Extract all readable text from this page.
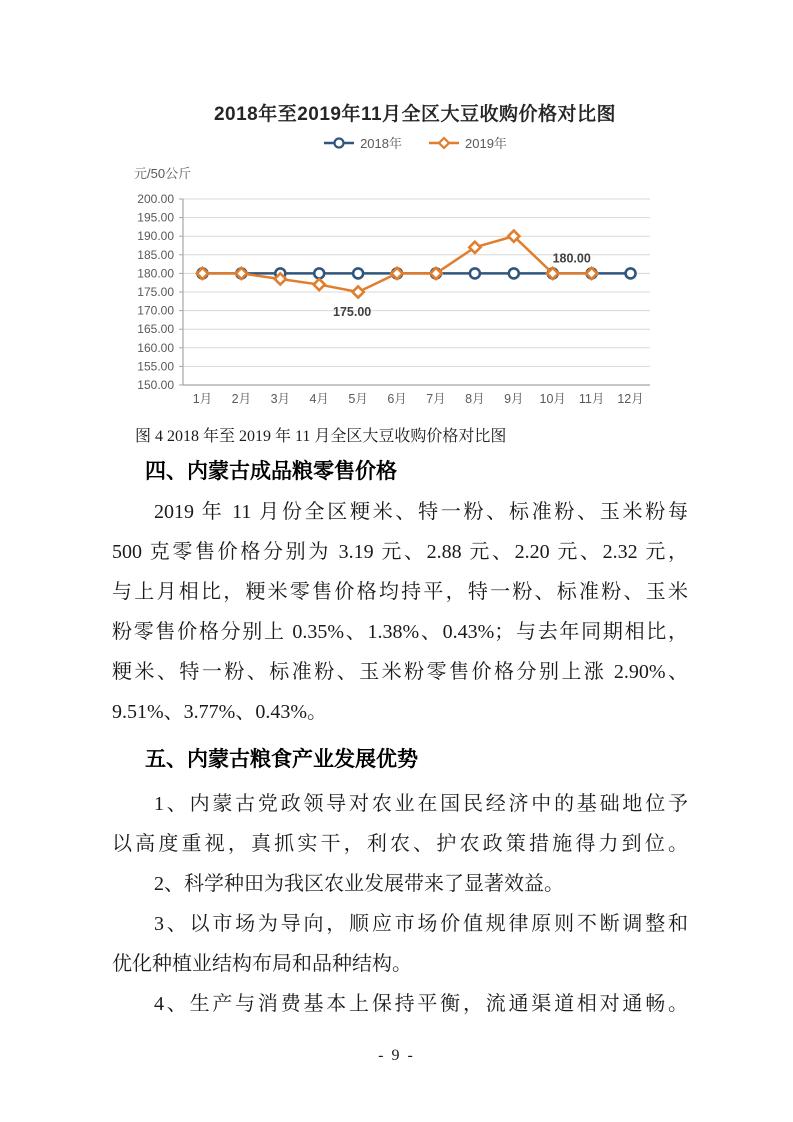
2018年至2019年11月全区大豆收购价格对比图
2018年	2019年
元/50公斤
150.00
155.00
160.00
165.00
170.00
175.00
180.00
185.00
190.00
195.00
200.00
1月 2月 3月 4月 5月 6月 7月 8月 9月 10月 11月 12月
175.00
180.00
图 4 2018 年至 2019 年 11 月全区大豆收购价格对比图
四、内蒙古成品粮零售价格
2019 年 11 月份全区粳米、特一粉、标准粉、玉米粉每
500 克零售价格分别为 3.19 元、2.88 元、2.20 元、2.32 元，
与上月相比，粳米零售价格均持平，特一粉、标准粉、玉米
粉零售价格分别上 0.35%、1.38%、0.43%；与去年同期相比，
粳米、特一粉、标准粉、玉米粉零售价格分别上涨 2.90%、
9.51%、3.77%、0.43%。
五、内蒙古粮食产业发展优势
1、内蒙古党政领导对农业在国民经济中的基础地位予
以高度重视，真抓实干，利农、护农政策措施得力到位。
2、科学种田为我区农业发展带来了显著效益。
3、以市场为导向，顺应市场价值规律原则不断调整和
优化种植业结构布局和品种结构。
4、生产与消费基本上保持平衡，流通渠道相对通畅。
- 9 -
